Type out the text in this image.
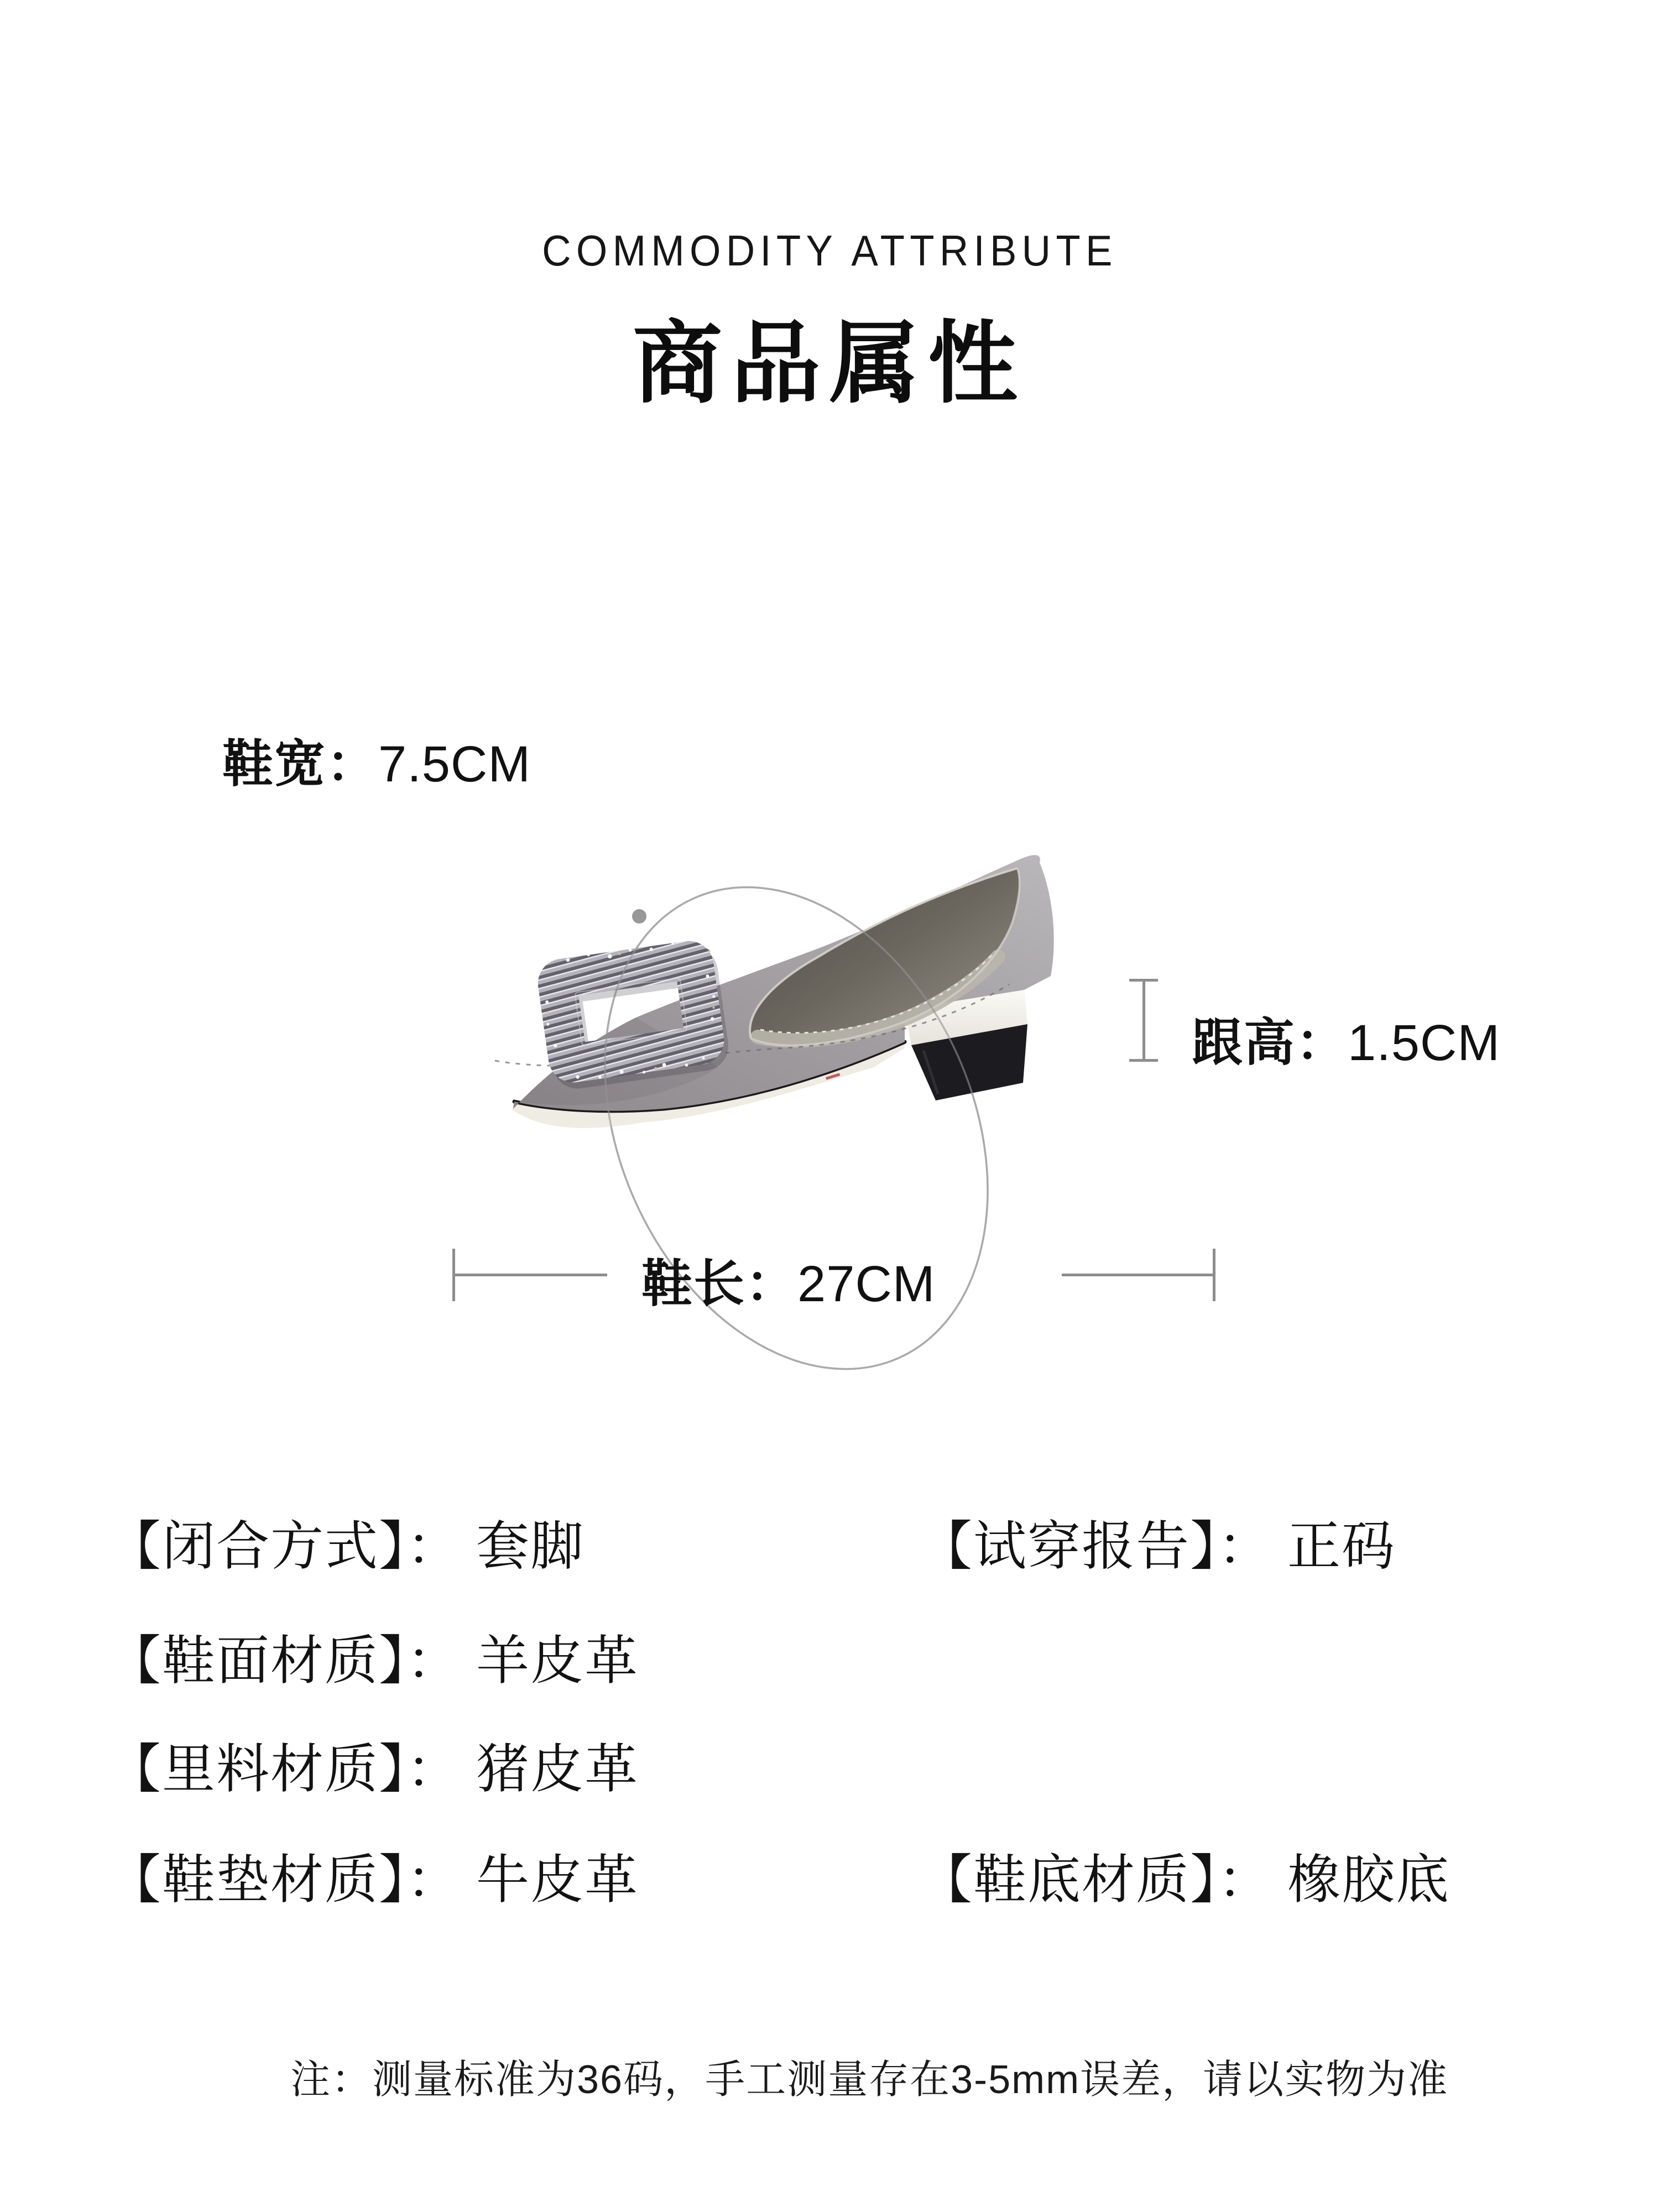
COMMODITY ATTRIBUTE
商品属性
5) TR
鞋宽：7.5CM
跟高：1.5CM
鞋长：27CM
【闭合方式】： 套脚	【试穿报告】： 正码
【鞋面材质】： 羊皮革
【里料材质】： 猪皮革
【鞋垫材质】： 牛皮革	【鞋底材质】： 橡胶底
注：测量标准为36码，手工测量存在3-5mm误差，请以实物为准
